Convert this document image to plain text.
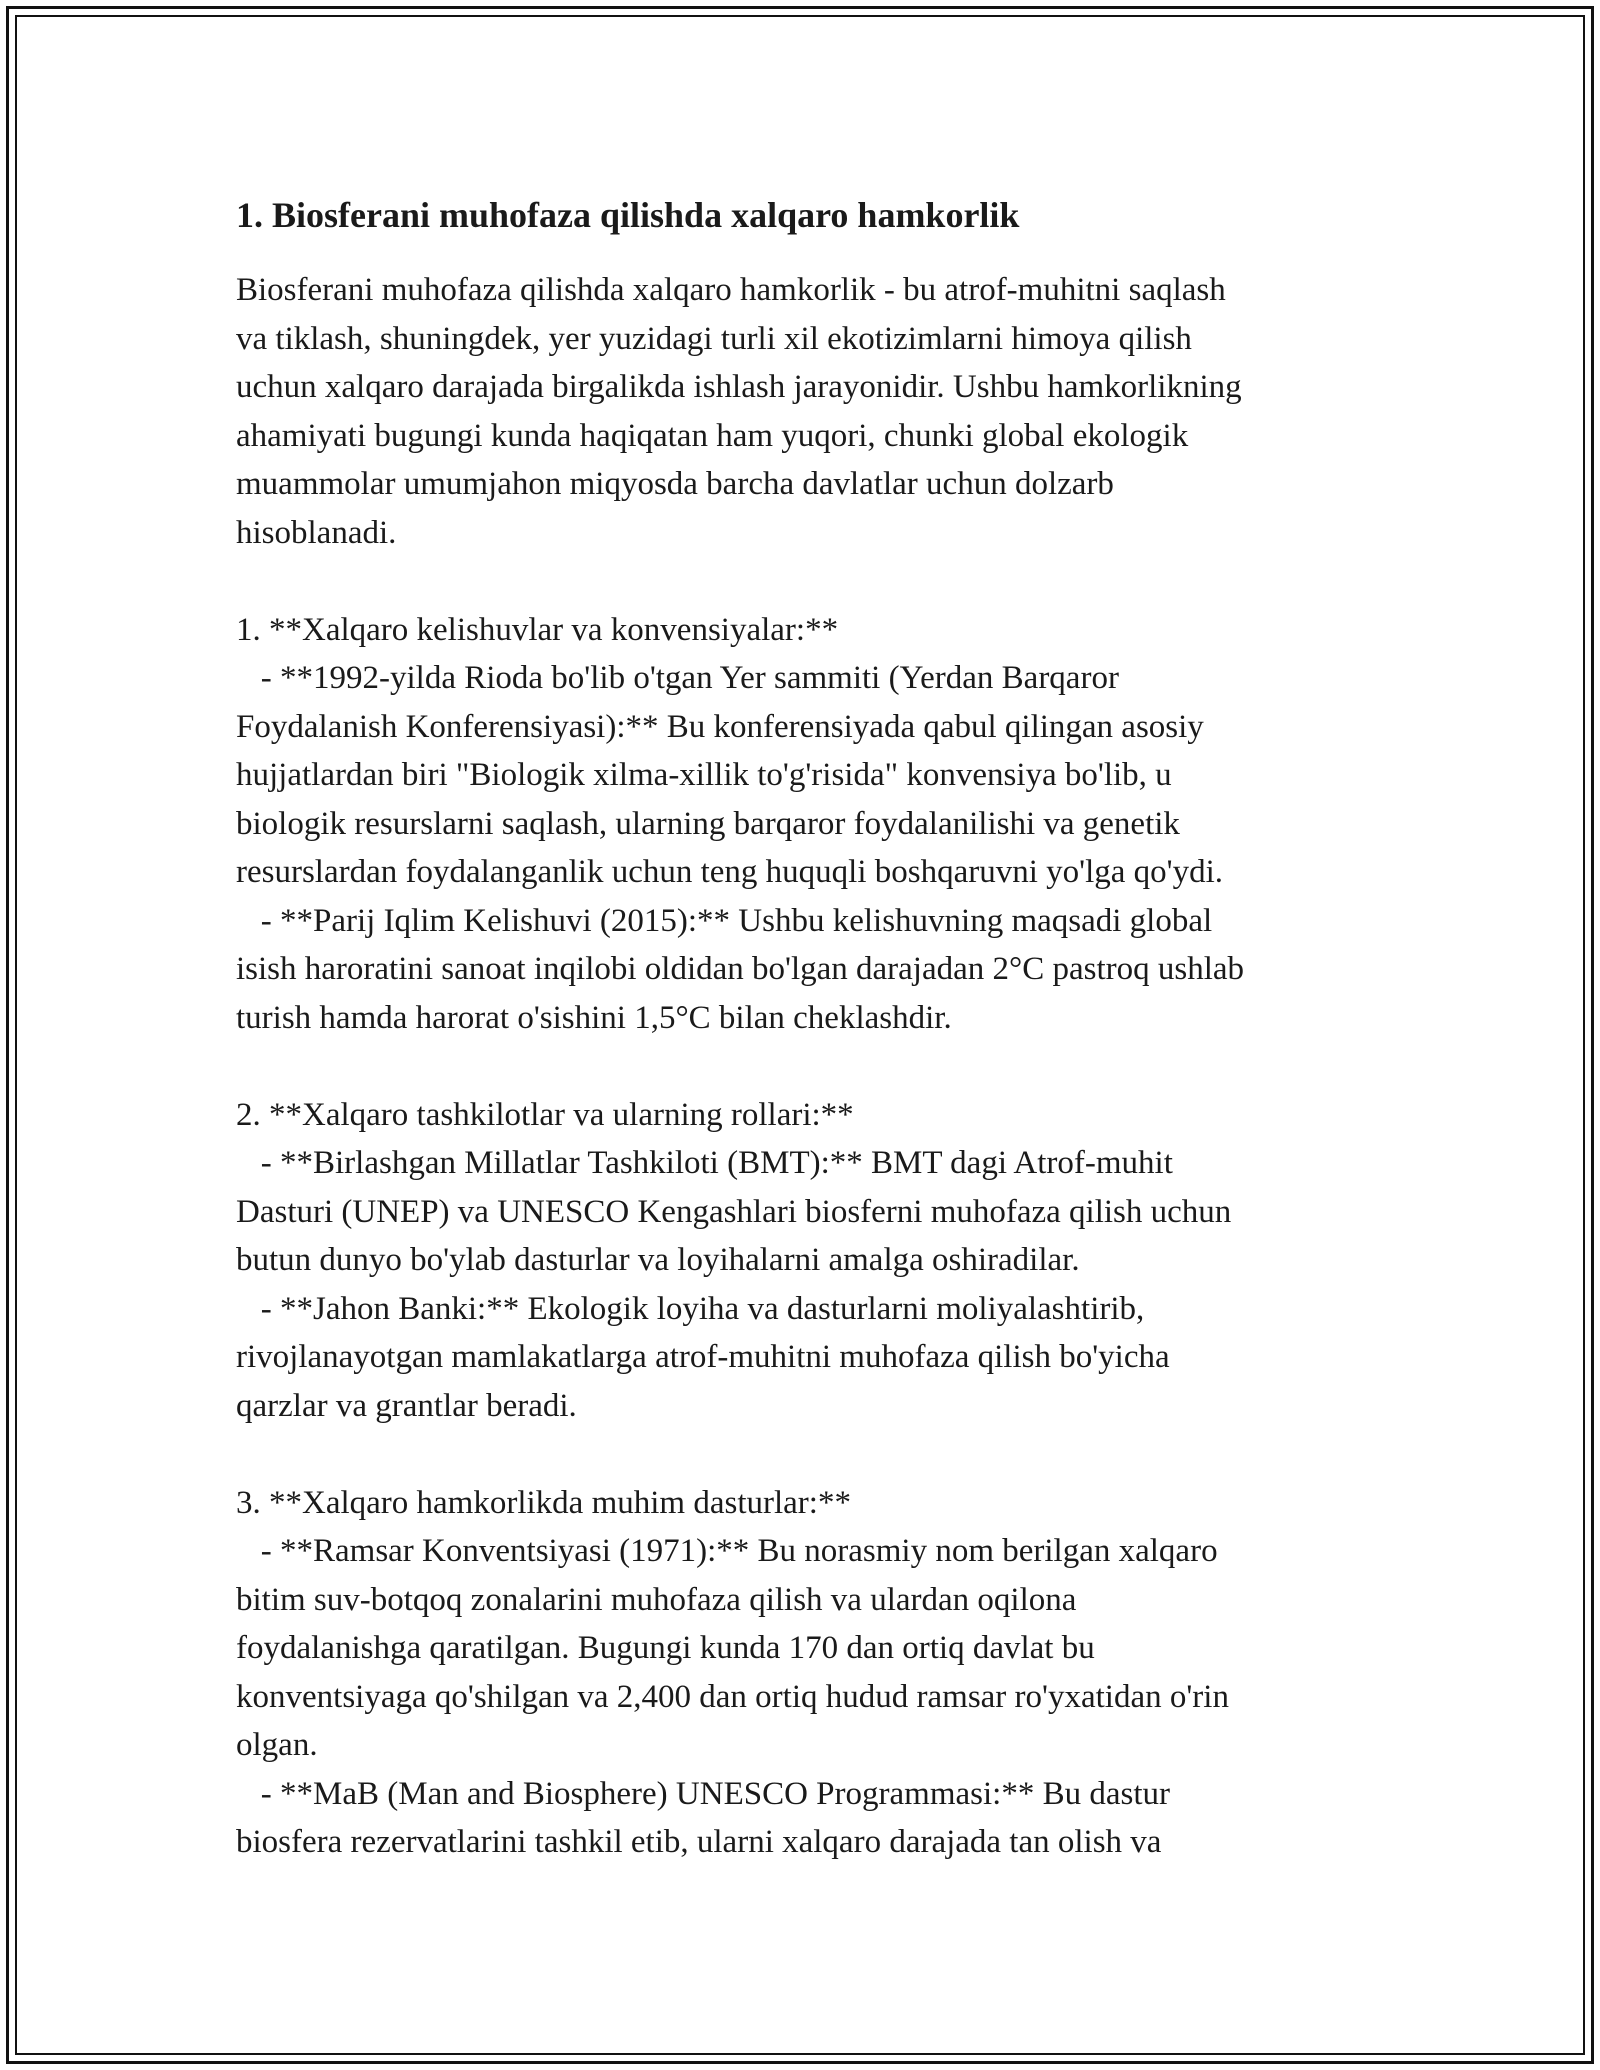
1. Biosferani muhofaza qilishda xalqaro hamkorlik

Biosferani muhofaza qilishda xalqaro hamkorlik - bu atrof-muhitni saqlash
va tiklash, shuningdek, yer yuzidagi turli xil ekotizimlarni himoya qilish
uchun xalqaro darajada birgalikda ishlash jarayonidir. Ushbu hamkorlikning
ahamiyati bugungi kunda haqiqatan ham yuqori, chunki global ekologik
muammolar umumjahon miqyosda barcha davlatlar uchun dolzarb
hisoblanadi.

1. **Xalqaro kelishuvlar va konvensiyalar:**

- **1992-yilda Rioda bo'lib o'tgan Yer sammiti (Yerdan Barqaror
Foydalanish Konferensiyasi):** Bu konferensiyada qabul qilingan asosiy
hujjatlardan biri "Biologik xilma-xillik to'g'risida" konvensiya bo'lib, u
biologik resurslarni saqlash, ularning barqaror foydalanilishi va genetik
resurslardan foydalanganlik uchun teng huquqli boshqaruvni yo'lga qo'ydi.

- **Parij Iqlim Kelishuvi (2015):** Ushbu kelishuvning maqsadi global
isish haroratini sanoat inqilobi oldidan bo'lgan darajadan 2°C pastroq ushlab
turish hamda harorat o'sishini 1,5°C bilan cheklashdir.

2. **Xalqaro tashkilotlar va ularning rollari:**

- **Birlashgan Millatlar Tashkiloti (BMT):** BMT dagi Atrof-muhit
Dasturi (UNEP) va UNESCO Kengashlari biosferni muhofaza qilish uchun
butun dunyo bo'ylab dasturlar va loyihalarni amalga oshiradilar.

- **Jahon Banki:** Ekologik loyiha va dasturlarni moliyalashtirib,
rivojlanayotgan mamlakatlarga atrof-muhitni muhofaza qilish bo'yicha
qarzlar va grantlar beradi.

3. **Xalqaro hamkorlikda muhim dasturlar:**

- **Ramsar Konventsiyasi (1971):** Bu norasmiy nom berilgan xalqaro
bitim suv-botqoq zonalarini muhofaza qilish va ulardan oqilona
foydalanishga qaratilgan. Bugungi kunda 170 dan ortiq davlat bu
konventsiyaga qo'shilgan va 2,400 dan ortiq hudud ramsar ro'yxatidan o'rin
olgan.

- **MaB (Man and Biosphere) UNESCO Programmasi:** Bu dastur
biosfera rezervatlarini tashkil etib, ularni xalqaro darajada tan olish va
